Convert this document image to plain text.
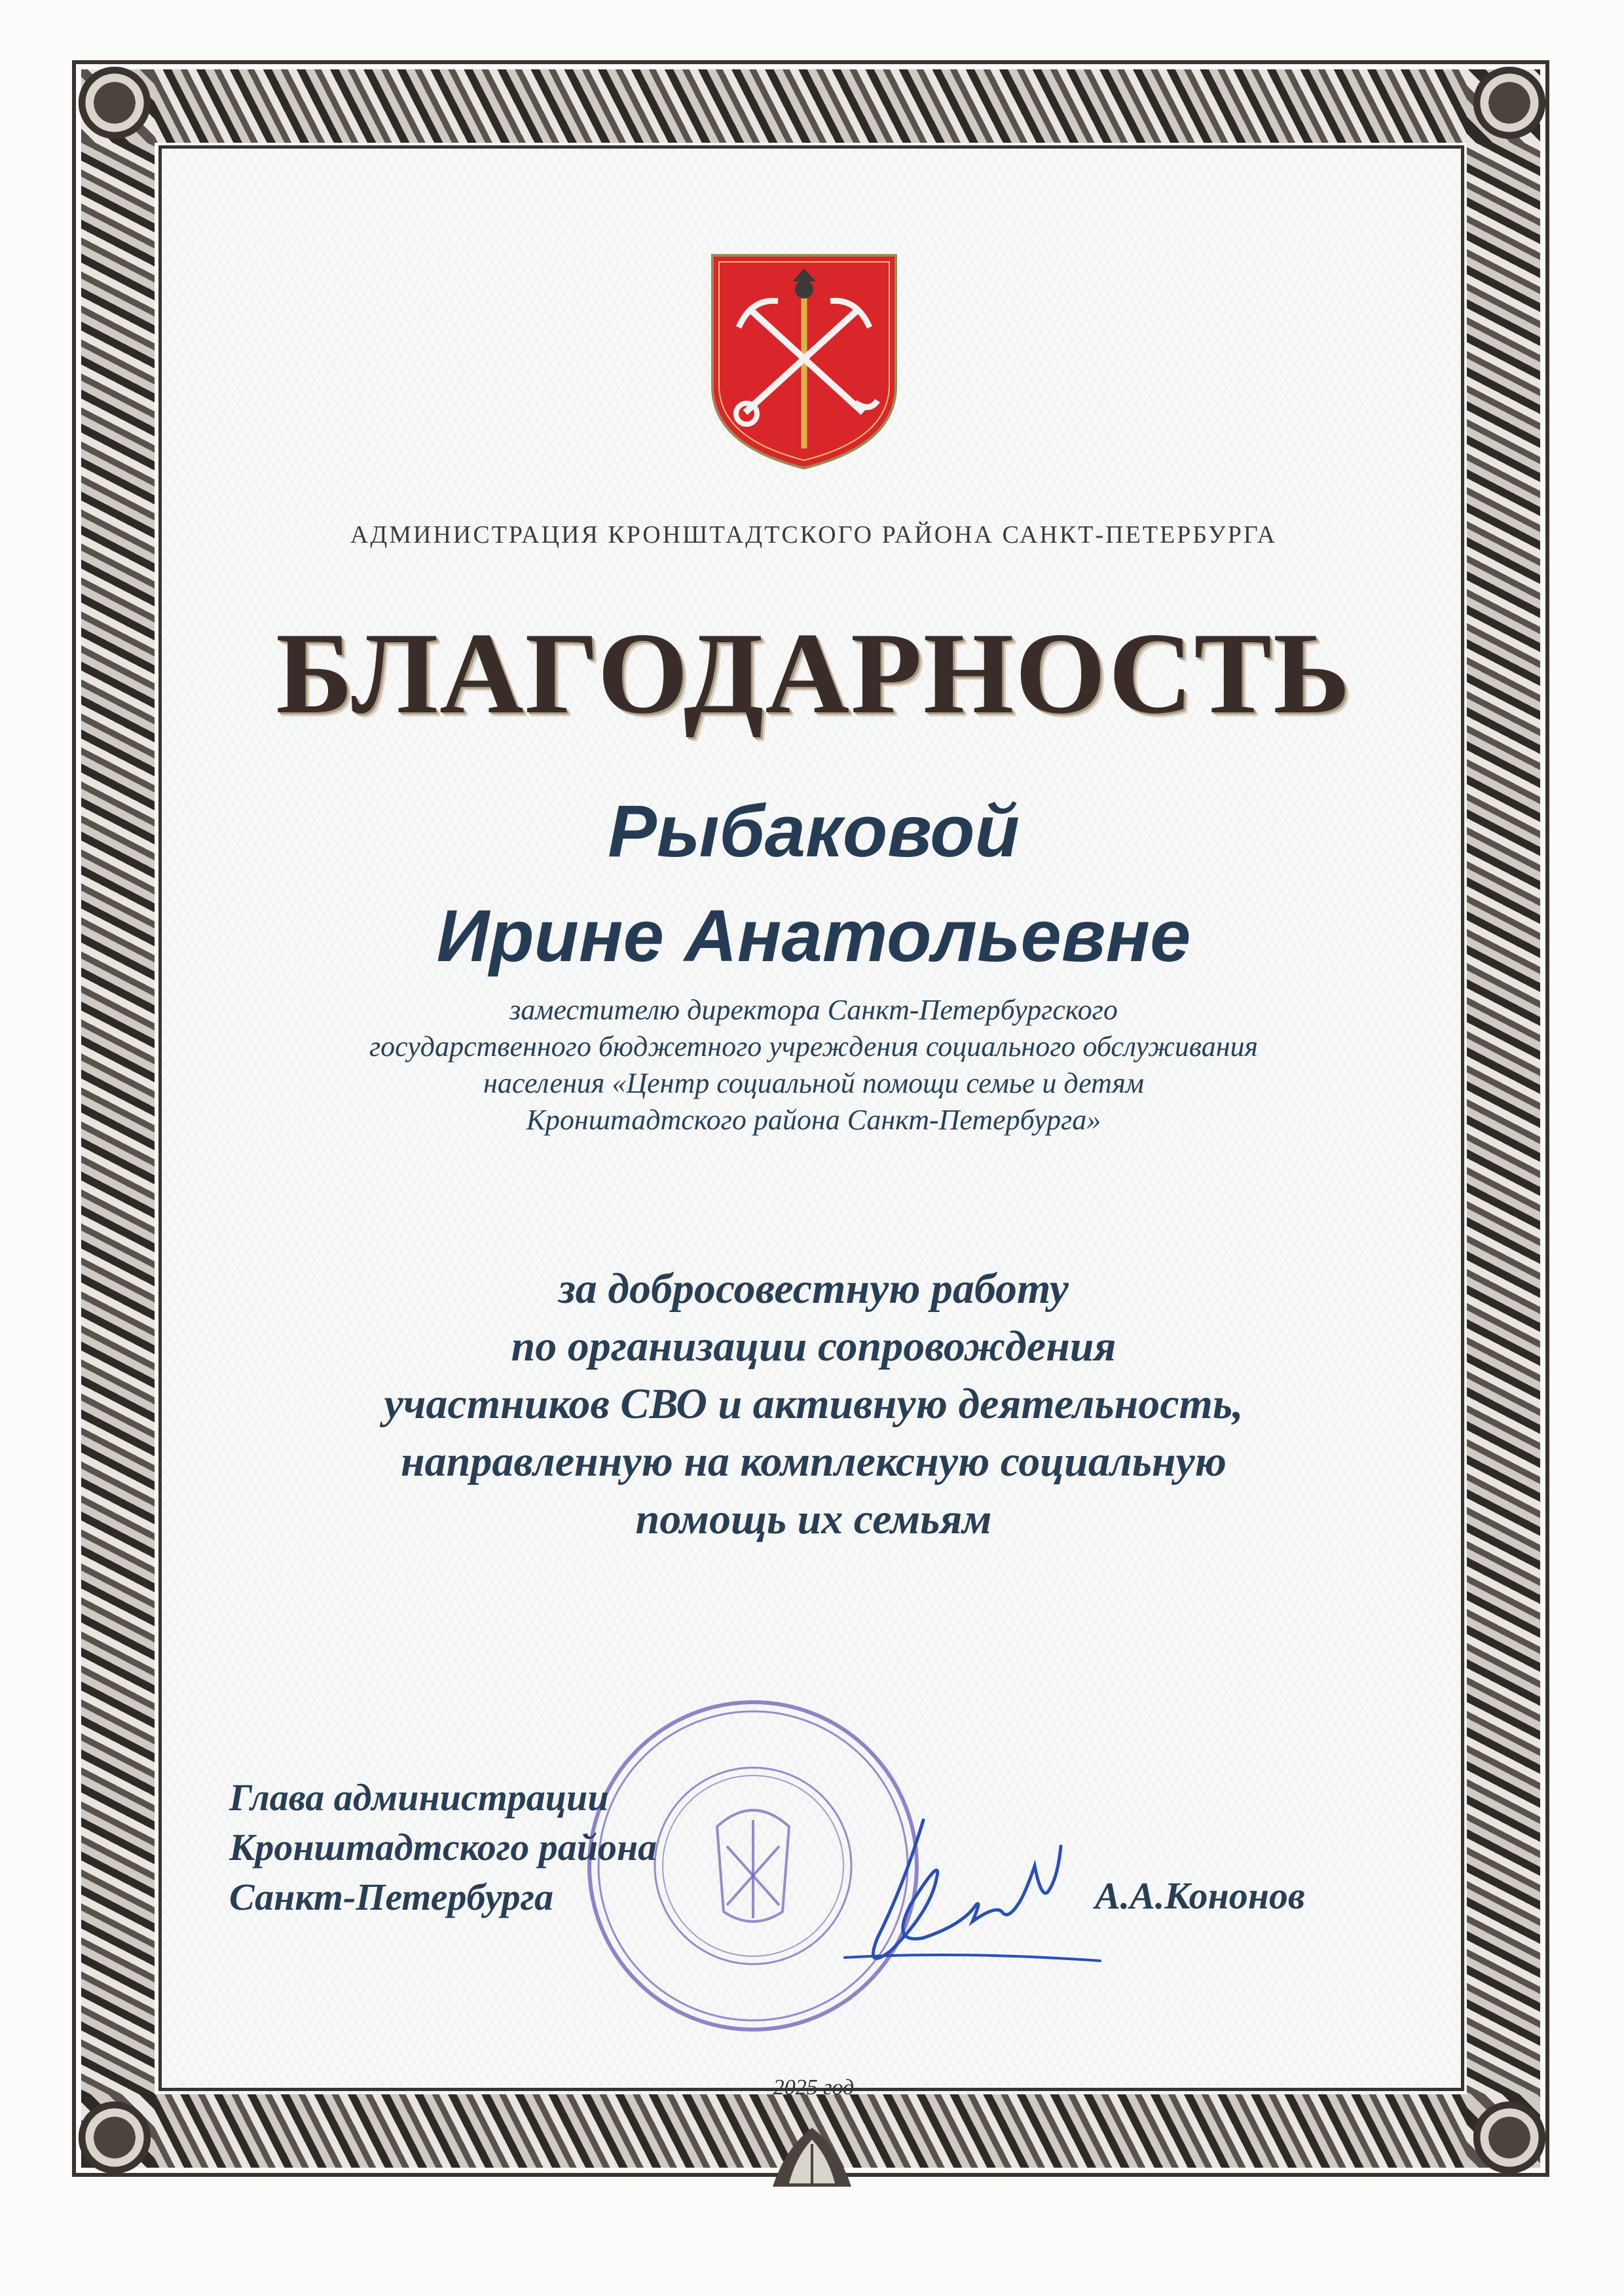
АДМИНИСТРАЦИЯ КРОНШТАДТСКОГО РАЙОНА САНКТ-ПЕТЕРБУРГА
БЛАГОДАРНОСТЬ
Рыбаковой
Ирине Анатольевне
заместителю директора Санкт-Петербургского
государственного бюджетного учреждения социального обслуживания
населения «Центр социальной помощи семье и детям
Кронштадтского района Санкт-Петербурга»
за добросовестную работу
по организации сопровождения
участников СВО и активную деятельность,
направленную на комплексную социальную
помощь их семьям
Глава администрации
Кронштадтского района
Санкт-Петербурга	А.А.Кононов
2025 год
